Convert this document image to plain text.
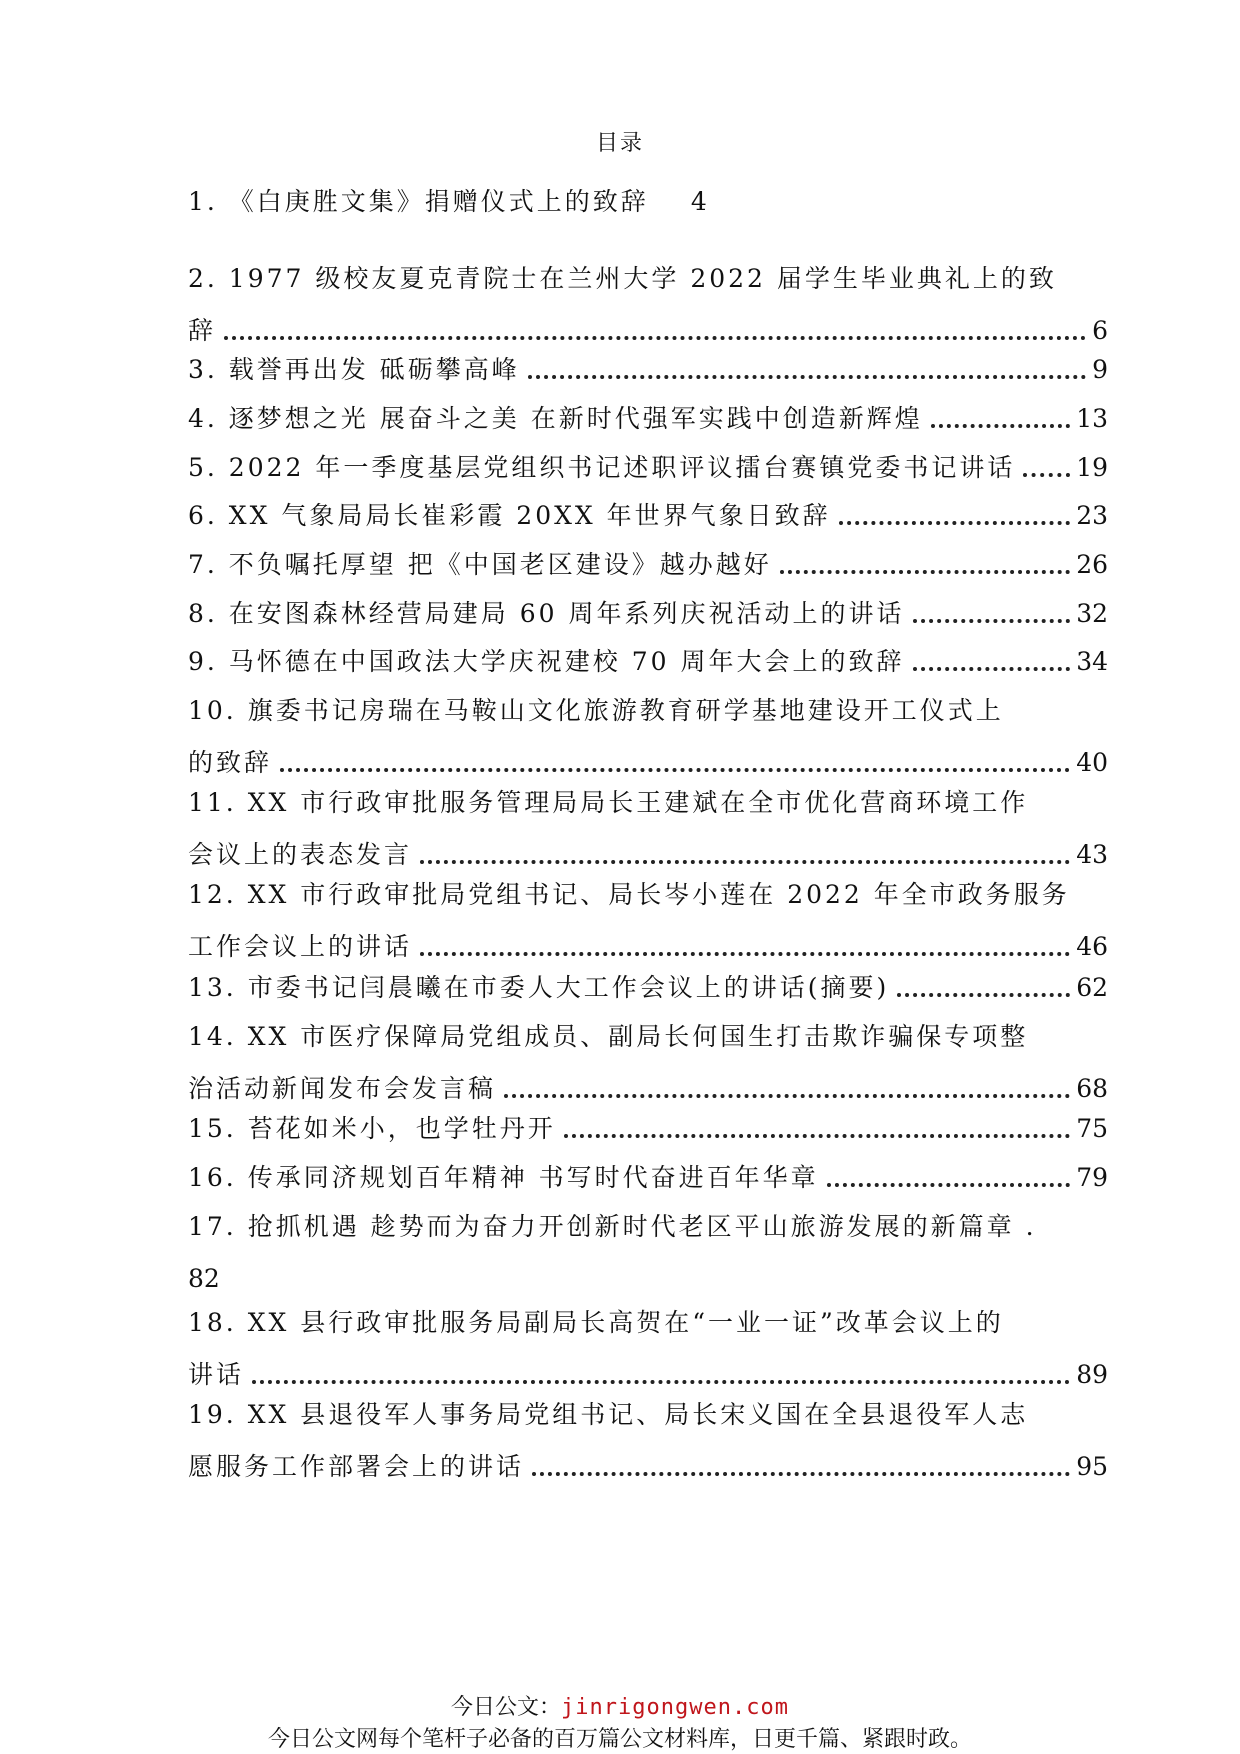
目录
1. 《白庚胜文集》捐赠仪式上的致辞 4
2. 1977 级校友夏克青院士在兰州大学 2022 届学生毕业典礼上的致
辞	6
3. 载誉再出发 砥砺攀高峰	9
4. 逐梦想之光 展奋斗之美 在新时代强军实践中创造新辉煌	13
5. 2022 年一季度基层党组织书记述职评议擂台赛镇党委书记讲话 19
6. XX 气象局局长崔彩霞 20XX 年世界气象日致辞	23
7. 不负嘱托厚望 把《中国老区建设》越办越好	26
8. 在安图森林经营局建局 60 周年系列庆祝活动上的讲话	32
9. 马怀德在中国政法大学庆祝建校 70 周年大会上的致辞	34
10. 旗委书记房瑞在马鞍山文化旅游教育研学基地建设开工仪式上
的致辞	40
11. XX 市行政审批服务管理局局长王建斌在全市优化营商环境工作
会议上的表态发言	43
12. XX 市行政审批局党组书记、局长岑小莲在 2022 年全市政务服务
工作会议上的讲话	46
13. 市委书记闫晨曦在市委人大工作会议上的讲话(摘要)	62
14. XX 市医疗保障局党组成员、副局长何国生打击欺诈骗保专项整
治活动新闻发布会发言稿	68
15. 苔花如米小，也学牡丹开	75
16. 传承同济规划百年精神 书写时代奋进百年华章	79
17. 抢抓机遇 趁势而为奋力开创新时代老区平山旅游发展的新篇章 .
82
18. XX 县行政审批服务局副局长高贺在“一业一证”改革会议上的
讲话	89
19. XX 县退役军人事务局党组书记、局长宋义国在全县退役军人志
愿服务工作部署会上的讲话	95
今日公文：jinrigongwen.com
今日公文网每个笔杆子必备的百万篇公文材料库，日更千篇、紧跟时政。
